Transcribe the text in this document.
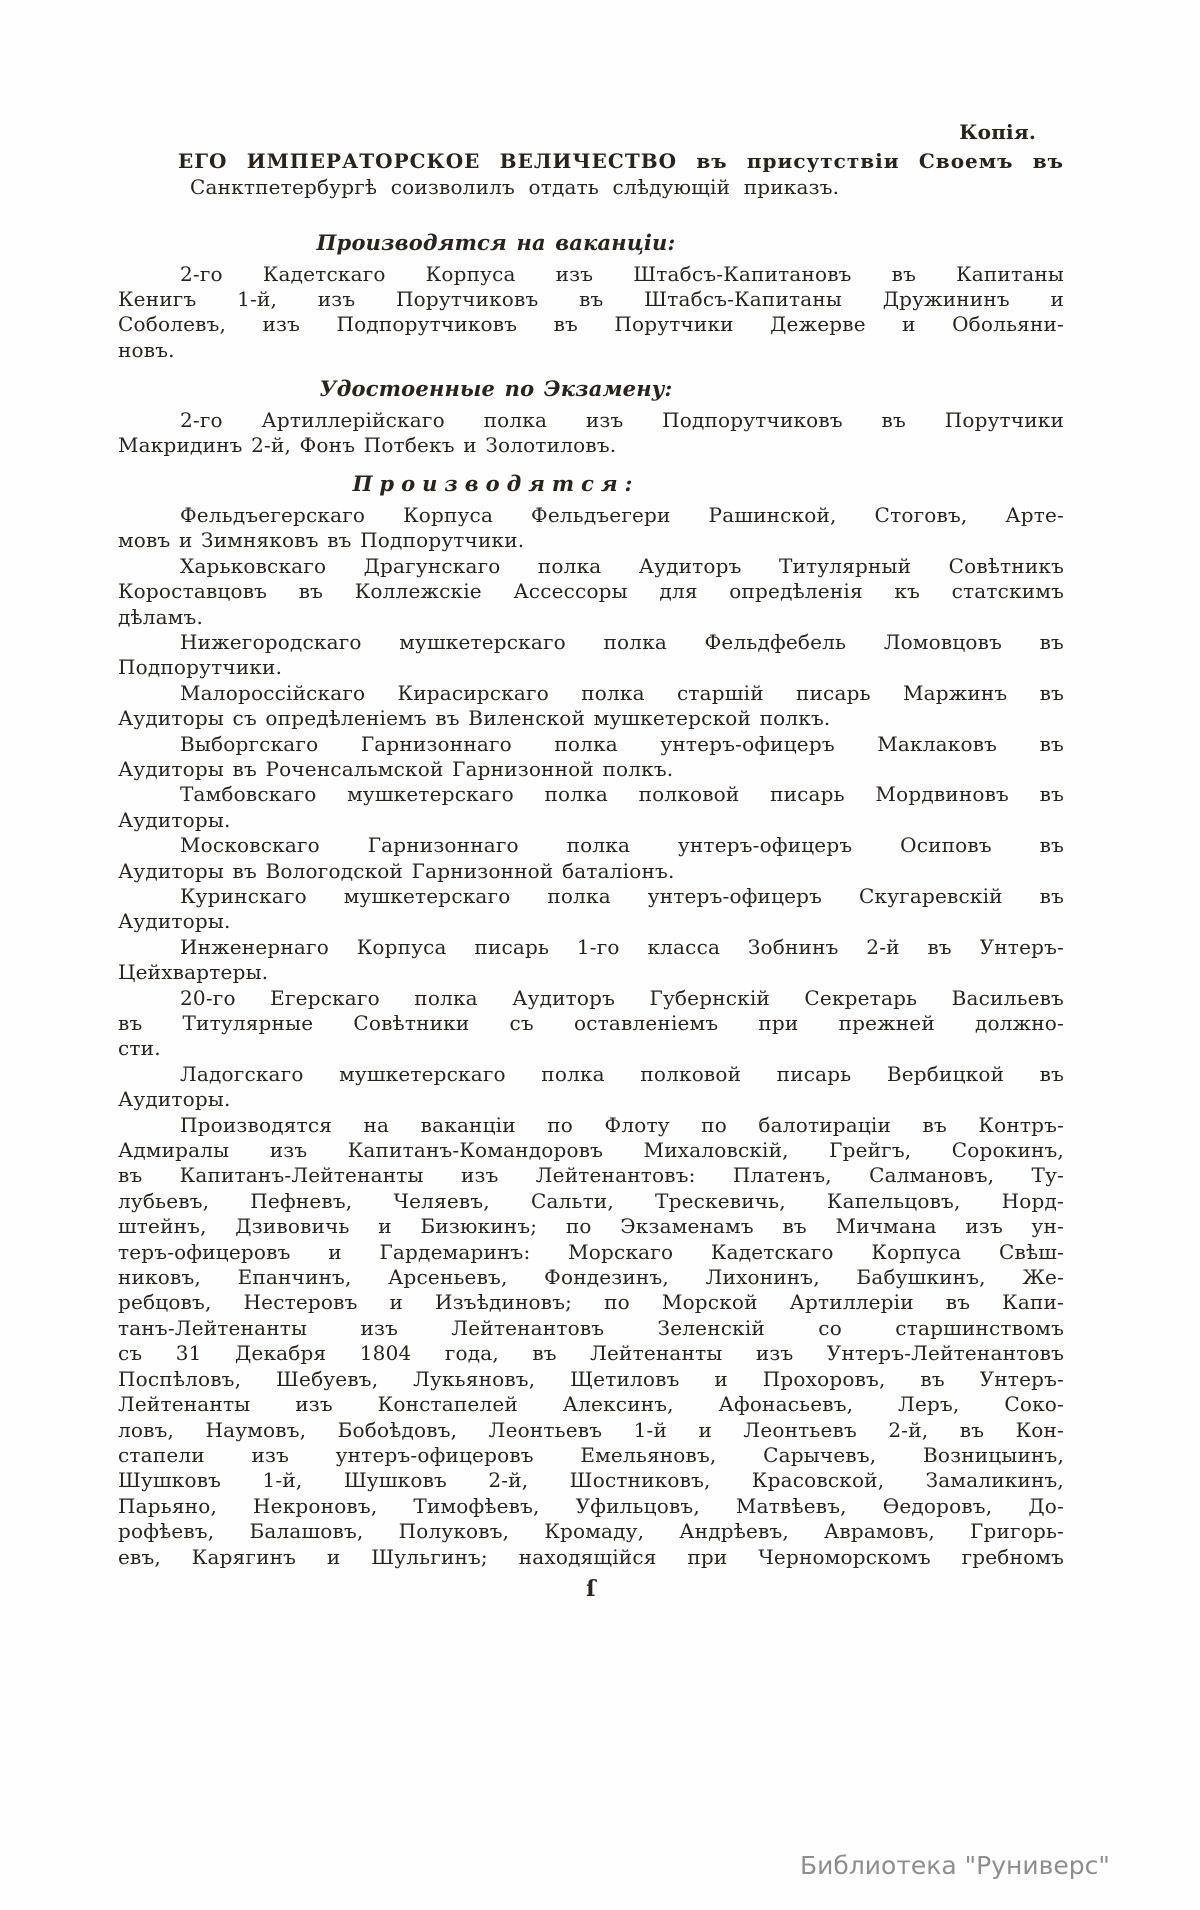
Копія.
ЕГО ИМПЕРАТОРСКОЕ ВЕЛИЧЕСТВО въ присутствіи Своемъ въ
Санктпетербургѣ соизволилъ отдать слѣдующій приказъ.
Производятся на ваканціи:
2-го Кадетскаго Корпуса изъ Штабсъ-Капитановъ въ Капитаны
Кенигъ 1-й, изъ Порутчиковъ въ Штабсъ-Капитаны Дружининъ и
Соболевъ, изъ Подпорутчиковъ въ Порутчики Дежерве и Обольяни-
новъ.
Удостоенные по Экзамену:
2-го Артиллерійскаго полка изъ Подпорутчиковъ въ Порутчики
Макридинъ 2-й, Фонъ Потбекъ и Золотиловъ.
Производятся:
Фельдъегерскаго Корпуса Фельдъегери Рашинской, Стоговъ, Арте-
мовъ и Зимняковъ въ Подпорутчики.
Харьковскаго Драгунскаго полка Аудиторъ Титулярный Совѣтникъ
Короставцовъ въ Коллежскіе Ассессоры для опредѣленія къ статскимъ
дѣламъ.
Нижегородскаго мушкетерскаго полка Фельдфебель Ломовцовъ въ
Подпорутчики.
Малороссійскаго Кирасирскаго полка старшій писарь Маржинъ въ
Аудиторы съ опредѣленіемъ въ Виленской мушкетерской полкъ.
Выборгскаго Гарнизоннаго полка унтеръ-офицеръ Маклаковъ въ
Аудиторы въ Роченсальмской Гарнизонной полкъ.
Тамбовскаго мушкетерскаго полка полковой писарь Мордвиновъ въ
Аудиторы.
Московскаго Гарнизоннаго полка унтеръ-офицеръ Осиповъ въ
Аудиторы въ Вологодской Гарнизонной баталіонъ.
Куринскаго мушкетерскаго полка унтеръ-офицеръ Скугаревскій въ
Аудиторы.
Инженернаго Корпуса писарь 1-го класса Зобнинъ 2-й въ Унтеръ-
Цейхвартеры.
20-го Егерскаго полка Аудиторъ Губернскій Секретарь Васильевъ
въ Титулярные Совѣтники съ оставленіемъ при прежней должно-
сти.
Ладогскаго мушкетерскаго полка полковой писарь Вербицкой въ
Аудиторы.
Производятся на ваканціи по Флоту по балотираціи въ Контръ-
Адмиралы изъ Капитанъ-Командоровъ Михаловскій, Грейгъ, Сорокинъ,
въ Капитанъ-Лейтенанты изъ Лейтенантовъ: Платенъ, Салмановъ, Ту-
лубьевъ, Пефневъ, Челяевъ, Сальти, Трескевичь, Капельцовъ, Норд-
штейнъ, Дзивовичь и Бизюкинъ; по Экзаменамъ въ Мичмана изъ ун-
теръ-офицеровъ и Гардемаринъ: Морскаго Кадетскаго Корпуса Свѣш-
никовъ, Епанчинъ, Арсеньевъ, Фондезинъ, Лихонинъ, Бабушкинъ, Же-
ребцовъ, Нестеровъ и Изъѣдиновъ; по Морской Артиллеріи въ Капи-
танъ-Лейтенанты изъ Лейтенантовъ Зеленскій со старшинствомъ
съ 31 Декабря 1804 года, въ Лейтенанты изъ Унтеръ-Лейтенантовъ
Поспѣловъ, Шебуевъ, Лукьяновъ, Щетиловъ и Прохоровъ, въ Унтеръ-
Лейтенанты изъ Констапелей Алексинъ, Афонасьевъ, Леръ, Соко-
ловъ, Наумовъ, Бобоѣдовъ, Леонтьевъ 1-й и Леонтьевъ 2-й, въ Кон-
стапели изъ унтеръ-офицеровъ Емельяновъ, Сарычевъ, Возницыинъ,
Шушковъ 1-й, Шушковъ 2-й, Шостниковъ, Красовской, Замаликинъ,
Парьяно, Некроновъ, Тимофѣевъ, Уфильцовъ, Матвѣевъ, Ѳедоровъ, До-
рофѣевъ, Балашовъ, Полуковъ, Кромаду, Андрѣевъ, Аврамовъ, Григорь-
евъ, Карягинъ и Шульгинъ; находящійся при Черноморскомъ гребномъ
ſ
Библиотека "Руниверс"
